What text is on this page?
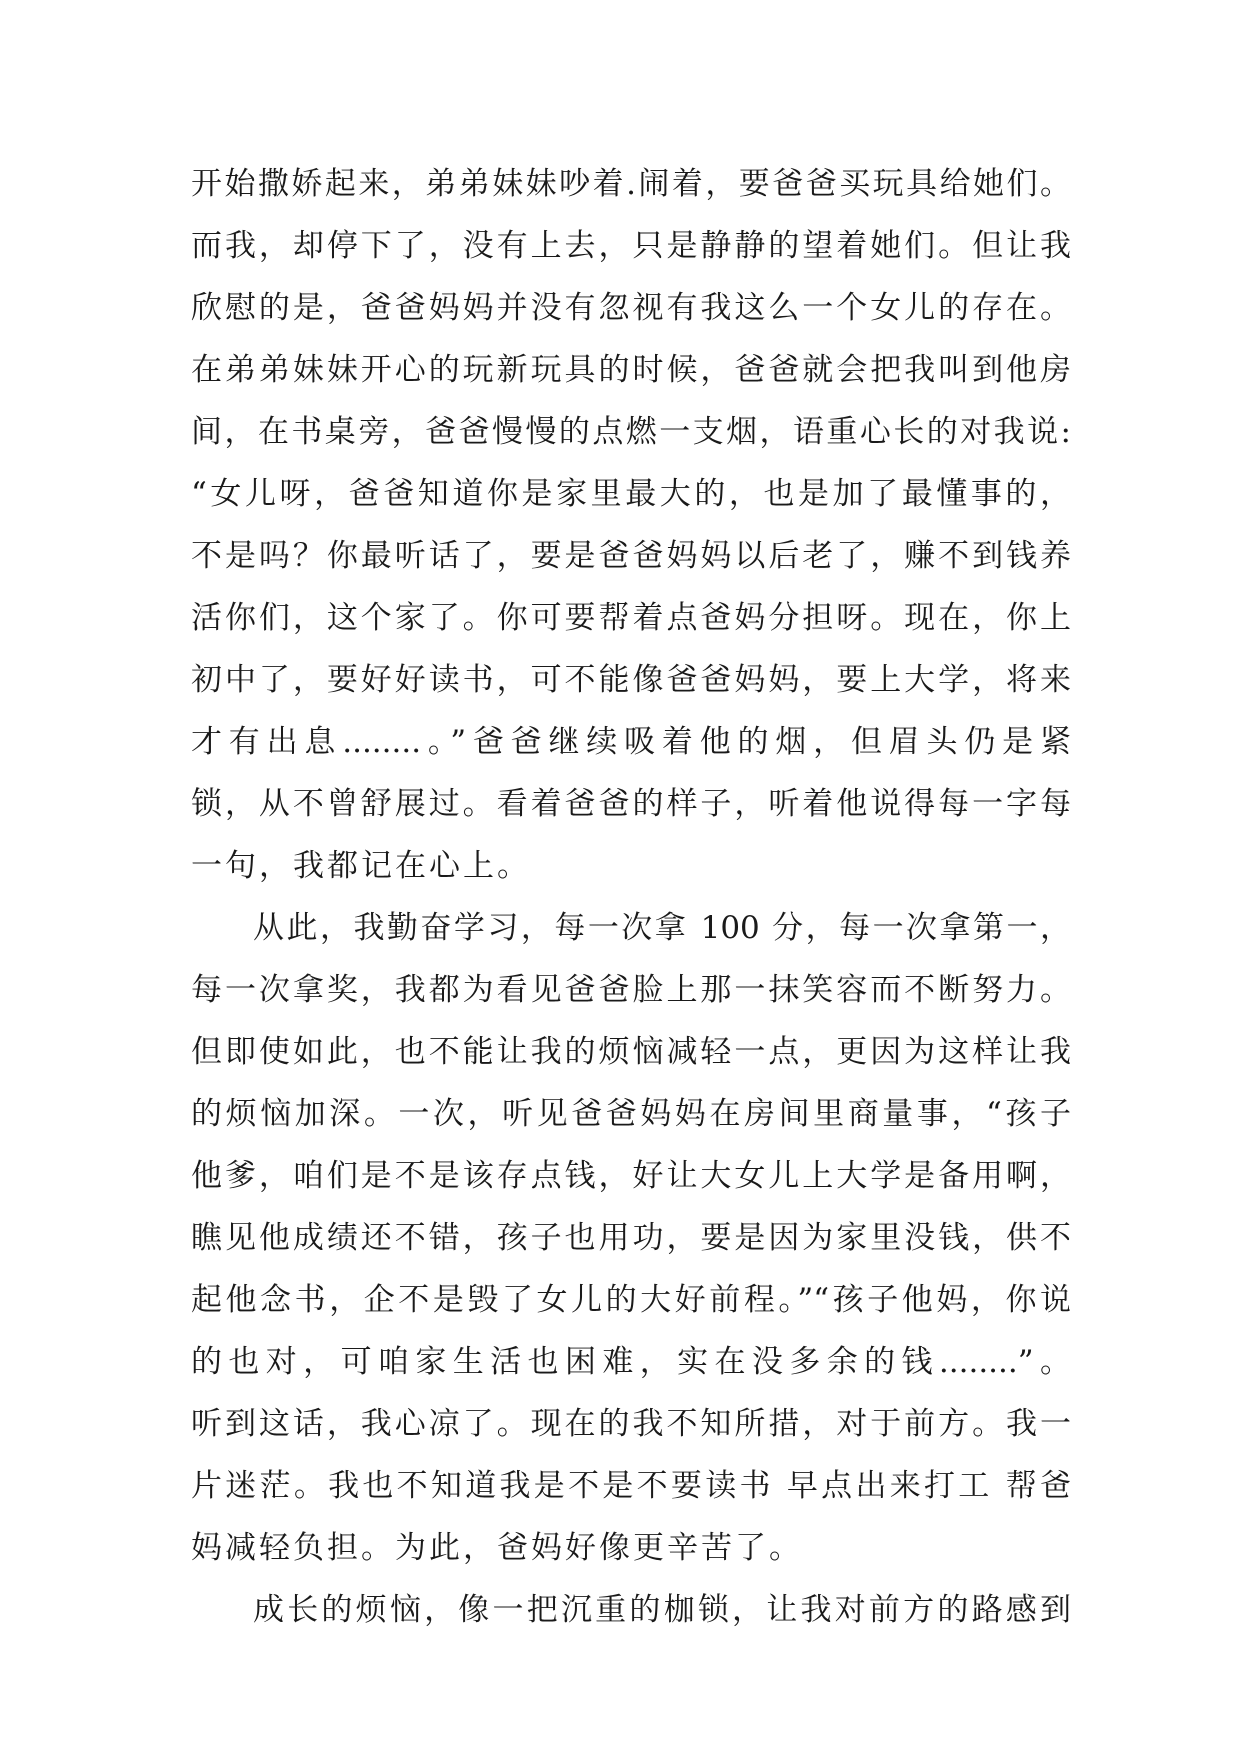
开始撒娇起来，弟弟妹妹吵着.闹着，要爸爸买玩具给她们。
而我，却停下了，没有上去，只是静静的望着她们。但让我
欣慰的是，爸爸妈妈并没有忽视有我这么一个女儿的存在。
在弟弟妹妹开心的玩新玩具的时候，爸爸就会把我叫到他房
间，在书桌旁，爸爸慢慢的点燃一支烟，语重心长的对我说:
“女儿呀，爸爸知道你是家里最大的，也是加了最懂事的，
不是吗？你最听话了，要是爸爸妈妈以后老了，赚不到钱养
活你们，这个家了。你可要帮着点爸妈分担呀。现在，你上
初中了，要好好读书，可不能像爸爸妈妈，要上大学，将来
才有出息........。”爸爸继续吸着他的烟，但眉头仍是紧
锁，从不曾舒展过。看着爸爸的样子，听着他说得每一字每
一句，我都记在心上。
从此，我勤奋学习，每一次拿 100 分，每一次拿第一，
每一次拿奖，我都为看见爸爸脸上那一抹笑容而不断努力。
但即使如此，也不能让我的烦恼减轻一点，更因为这样让我
的烦恼加深。一次，听见爸爸妈妈在房间里商量事，“孩子
他爹，咱们是不是该存点钱，好让大女儿上大学是备用啊，
瞧见他成绩还不错，孩子也用功，要是因为家里没钱，供不
起他念书，企不是毁了女儿的大好前程。”“孩子他妈，你说
的也对，可咱家生活也困难，实在没多余的钱........”。
听到这话，我心凉了。现在的我不知所措，对于前方。我一
片迷茫。我也不知道我是不是不要读书 早点出来打工 帮爸
妈减轻负担。为此，爸妈好像更辛苦了。
成长的烦恼，像一把沉重的枷锁，让我对前方的路感到
